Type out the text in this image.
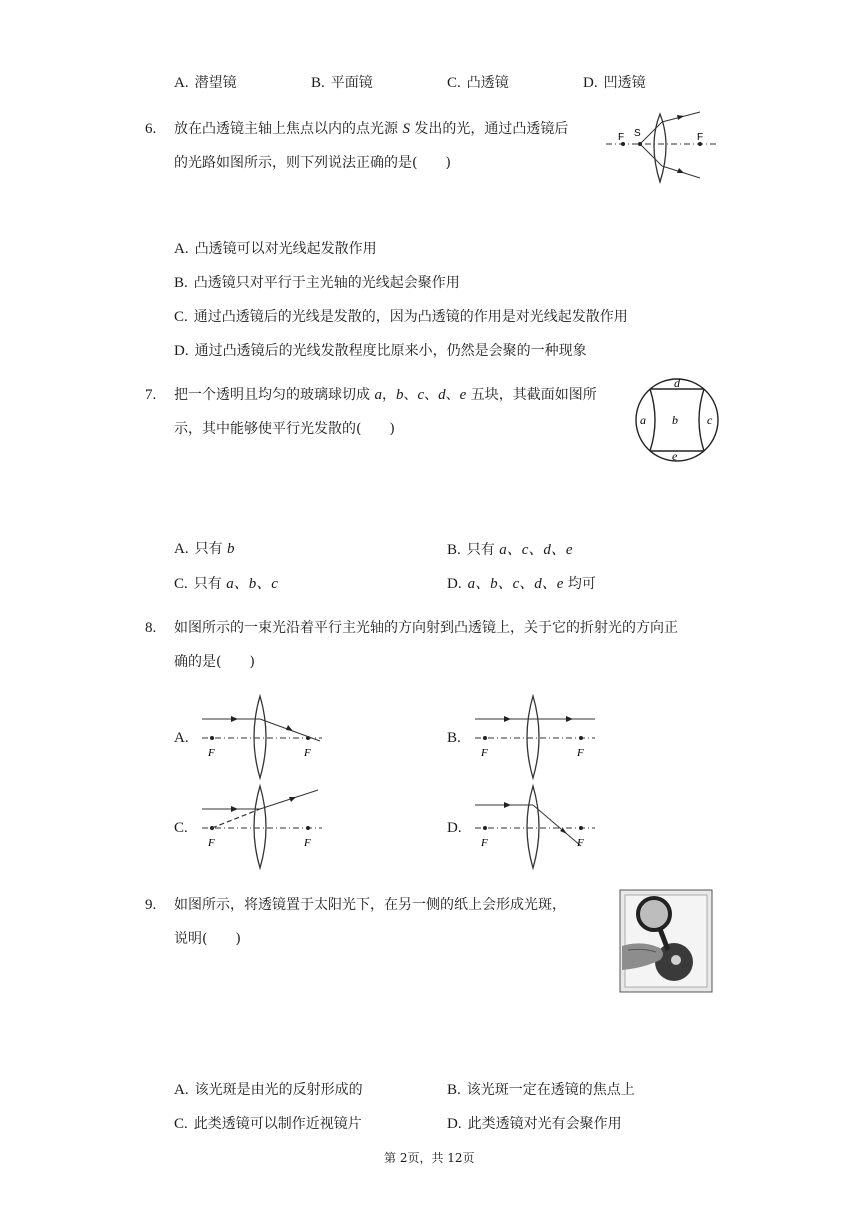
A. 潜望镜	B. 平面镜	C. 凸透镜	D. 凹透镜
6. 放在凸透镜主轴上焦点以内的点光源 S 发出的光，通过凸透镜后
的光路如图所示，则下列说法正确的是(　　)
F S	F
A. 凸透镜可以对光线起发散作用
B. 凸透镜只对平行于主光轴的光线起会聚作用
C. 通过凸透镜后的光线是发散的，因为凸透镜的作用是对光线起发散作用
D. 通过凸透镜后的光线发散程度比原来小，仍然是会聚的一种现象
7. 把一个透明且均匀的玻璃球切成 a，b、c、d、e 五块，其截面如图所
示，其中能够使平行光发散的(　　)
d
a b c
e
A. 只有 b	B. 只有 a、c、d、e
C. 只有 a、b、c	D. a、b、c、d、e 均可
8. 如图所示的一束光沿着平行主光轴的方向射到凸透镜上，关于它的折射光的方向正
确的是(　　)
A.
F	F
B.
F	F
C.
F	F
D.
F	F
9. 如图所示，将透镜置于太阳光下，在另一侧的纸上会形成光斑，
说明(　　)
A. 该光斑是由光的反射形成的	B. 该光斑一定在透镜的焦点上
C. 此类透镜可以制作近视镜片	D. 此类透镜对光有会聚作用
第 2页，共 12页
